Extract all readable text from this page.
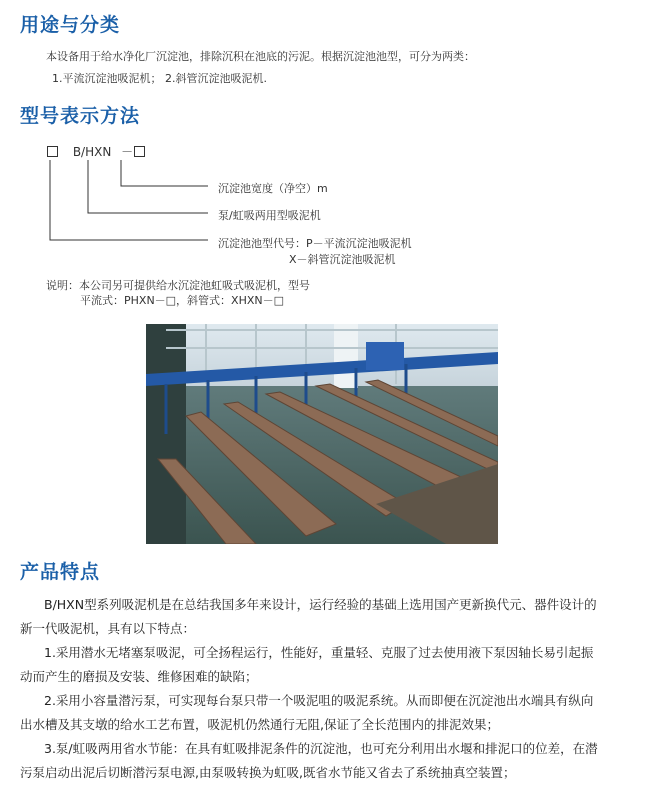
用途与分类
本设备用于给水净化厂沉淀池，排除沉积在池底的污泥。根据沉淀池池型，可分为两类：
1.平流沉淀池吸泥机； 2.斜管沉淀池吸泥机.
型号表示方法
B/HXN －
沉淀池宽度（净空）m
泵/虹吸两用型吸泥机
沉淀池池型代号：P－平流沉淀池吸泥机
X－斜管沉淀池吸泥机
说明：本公司另可提供给水沉淀池虹吸式吸泥机，型号
平流式：PHXN－□，斜管式：XHXN－□
产品特点
B/HXN型系列吸泥机是在总结我国多年来设计，运行经验的基础上选用国产更新换代元、器件设计的
新一代吸泥机，具有以下特点：
1.采用潜水无堵塞泵吸泥，可全扬程运行，性能好，重量轻、克服了过去使用液下泵因轴长易引起振
动而产生的磨损及安装、维修困难的缺陷；
2.采用小容量潜污泵，可实现每台泵只带一个吸泥咀的吸泥系统。从而即便在沉淀池出水端具有纵向
出水槽及其支墩的给水工艺布置，吸泥机仍然通行无阻,保证了全长范围内的排泥效果；
3.泵/虹吸两用省水节能：在具有虹吸排泥条件的沉淀池，也可充分利用出水堰和排泥口的位差，在潜
污泵启动出泥后切断潜污泵电源,由泵吸转换为虹吸,既省水节能又省去了系统抽真空装置；
